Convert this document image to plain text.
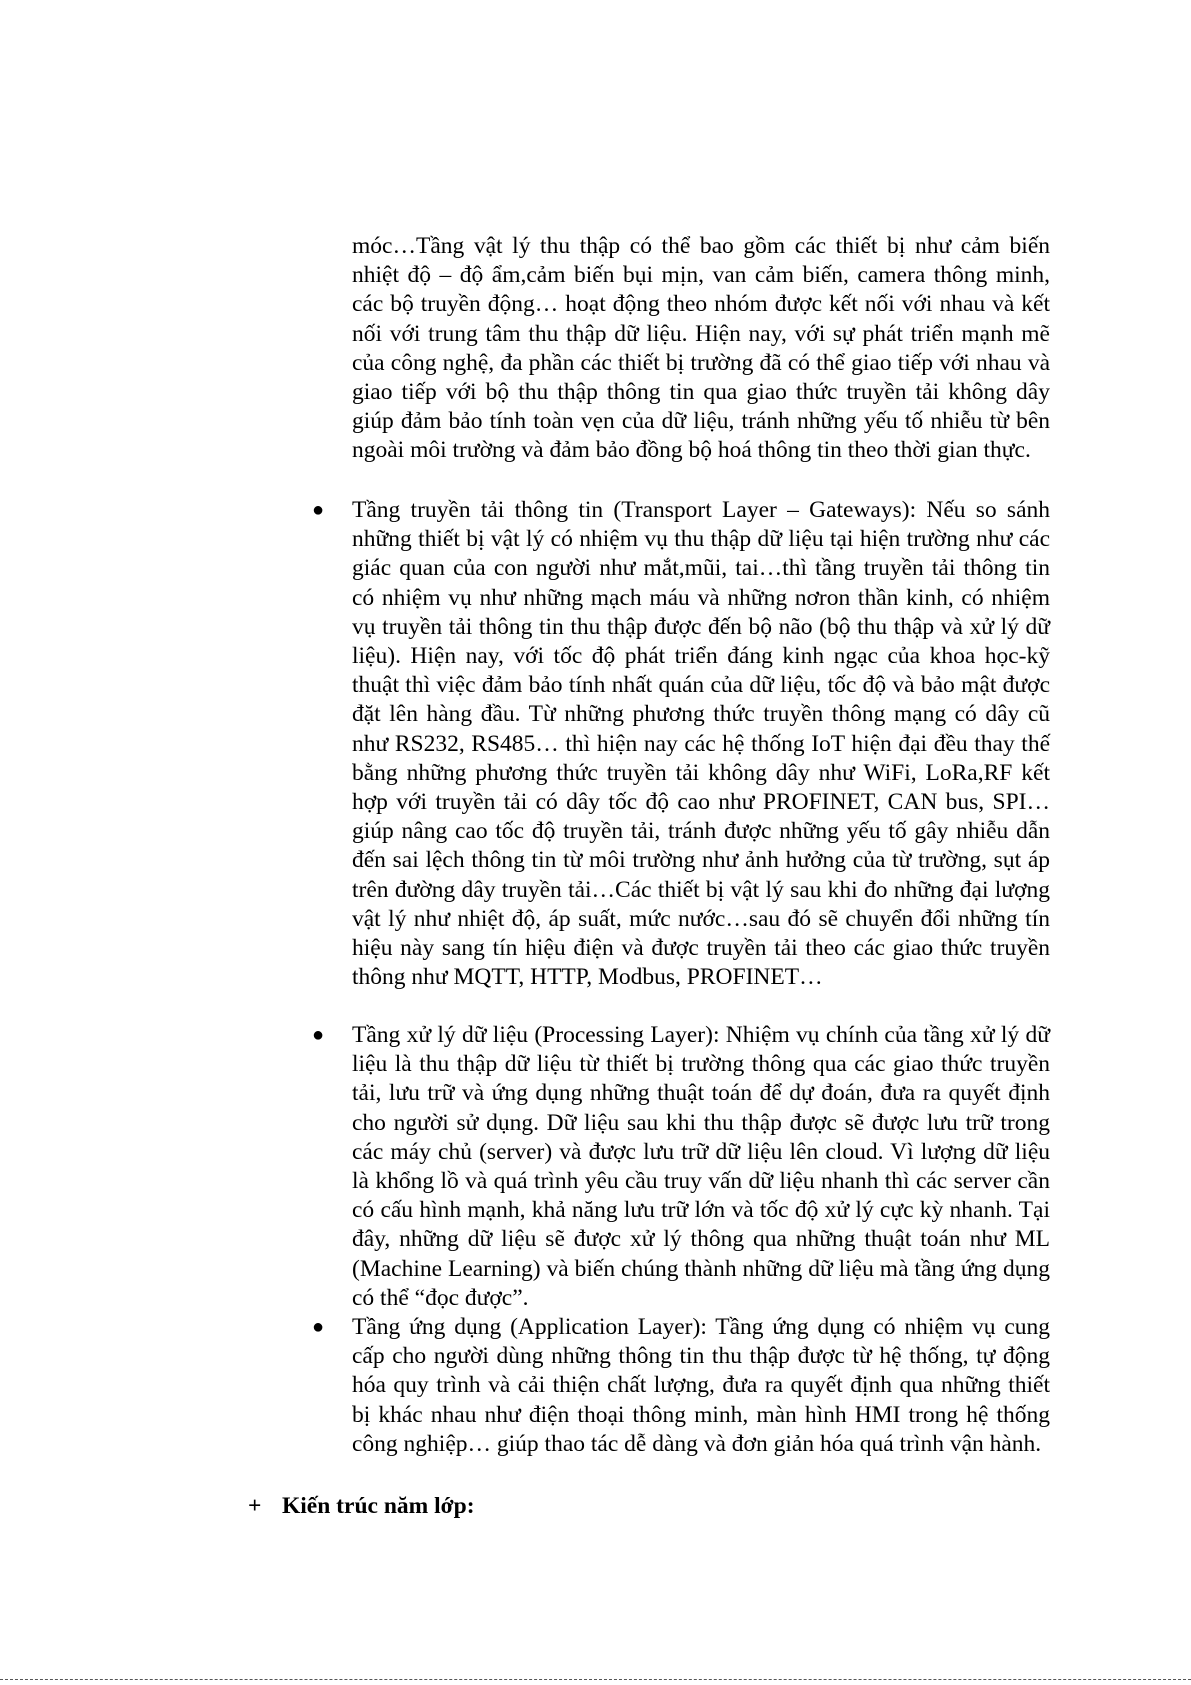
móc…Tầng vật lý thu thập có thể bao gồm các thiết bị như cảm biến nhiệt độ – độ ẩm,cảm biến bụi mịn, van cảm biến, camera thông minh, các bộ truyền động… hoạt động theo nhóm được kết nối với nhau và kết nối với trung tâm thu thập dữ liệu. Hiện nay, với sự phát triển mạnh mẽ của công nghệ, đa phần các thiết bị trường đã có thể giao tiếp với nhau và giao tiếp với bộ thu thập thông tin qua giao thức truyền tải không dây giúp đảm bảo tính toàn vẹn của dữ liệu, tránh những yếu tố nhiễu từ bên ngoài môi trường và đảm bảo đồng bộ hoá thông tin theo thời gian thực.

● Tầng truyền tải thông tin (Transport Layer – Gateways): Nếu so sánh những thiết bị vật lý có nhiệm vụ thu thập dữ liệu tại hiện trường như các giác quan của con người như mắt,mũi, tai…thì tầng truyền tải thông tin có nhiệm vụ như những mạch máu và những nơron thần kinh, có nhiệm vụ truyền tải thông tin thu thập được đến bộ não (bộ thu thập và xử lý dữ liệu). Hiện nay, với tốc độ phát triển đáng kinh ngạc của khoa học-kỹ thuật thì việc đảm bảo tính nhất quán của dữ liệu, tốc độ và bảo mật được đặt lên hàng đầu. Từ những phương thức truyền thông mạng có dây cũ như RS232, RS485… thì hiện nay các hệ thống IoT hiện đại đều thay thế bằng những phương thức truyền tải không dây như WiFi, LoRa,RF kết hợp với truyền tải có dây tốc độ cao như PROFINET, CAN bus, SPI… giúp nâng cao tốc độ truyền tải, tránh được những yếu tố gây nhiễu dẫn đến sai lệch thông tin từ môi trường như ảnh hưởng của từ trường, sụt áp trên đường dây truyền tải…Các thiết bị vật lý sau khi đo những đại lượng vật lý như nhiệt độ, áp suất, mức nước…sau đó sẽ chuyển đổi những tín hiệu này sang tín hiệu điện và được truyền tải theo các giao thức truyền thông như MQTT, HTTP, Modbus, PROFINET…

● Tầng xử lý dữ liệu (Processing Layer): Nhiệm vụ chính của tầng xử lý dữ liệu là thu thập dữ liệu từ thiết bị trường thông qua các giao thức truyền tải, lưu trữ và ứng dụng những thuật toán để dự đoán, đưa ra quyết định cho người sử dụng. Dữ liệu sau khi thu thập được sẽ được lưu trữ trong các máy chủ (server) và được lưu trữ dữ liệu lên cloud. Vì lượng dữ liệu là khổng lồ và quá trình yêu cầu truy vấn dữ liệu nhanh thì các server cần có cấu hình mạnh, khả năng lưu trữ lớn và tốc độ xử lý cực kỳ nhanh. Tại đây, những dữ liệu sẽ được xử lý thông qua những thuật toán như ML (Machine Learning) và biến chúng thành những dữ liệu mà tầng ứng dụng có thể “đọc được”.

● Tầng ứng dụng (Application Layer): Tầng ứng dụng có nhiệm vụ cung cấp cho người dùng những thông tin thu thập được từ hệ thống, tự động hóa quy trình và cải thiện chất lượng, đưa ra quyết định qua những thiết bị khác nhau như điện thoại thông minh, màn hình HMI trong hệ thống công nghiệp… giúp thao tác dễ dàng và đơn giản hóa quá trình vận hành.

+ Kiến trúc năm lớp:
